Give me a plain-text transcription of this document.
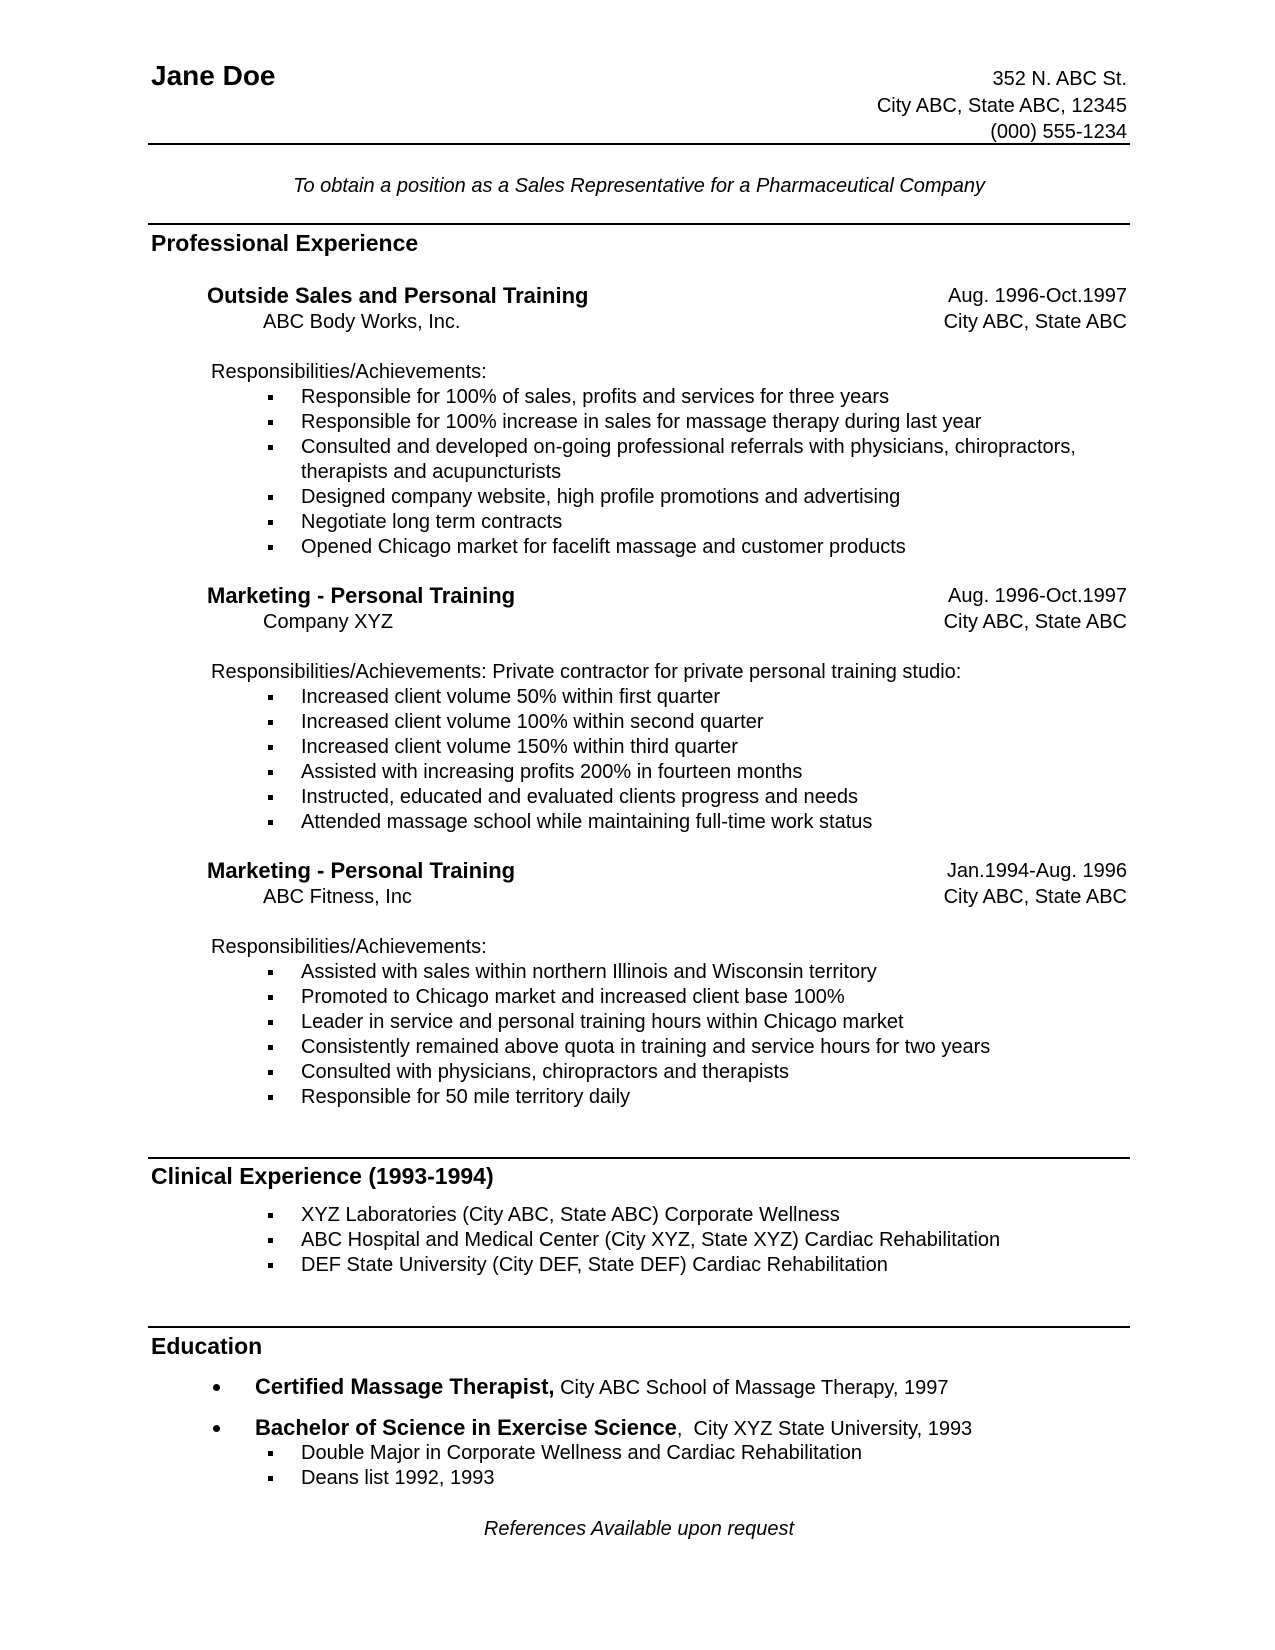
Jane Doe	352 N. ABC St.
City ABC, State ABC, 12345
(000) 555-1234
To obtain a position as a Sales Representative for a Pharmaceutical Company
Professional Experience
Outside Sales and Personal Training	Aug. 1996-Oct.1997
ABC Body Works, Inc.	City ABC, State ABC
Responsibilities/Achievements:
Responsible for 100% of sales, profits and services for three years
Responsible for 100% increase in sales for massage therapy during last year
Consulted and developed on-going professional referrals with physicians, chiropractors,
therapists and acupuncturists
Designed company website, high profile promotions and advertising
Negotiate long term contracts
Opened Chicago market for facelift massage and customer products
Marketing - Personal Training	Aug. 1996-Oct.1997
Company XYZ	City ABC, State ABC
Responsibilities/Achievements: Private contractor for private personal training studio:
Increased client volume 50% within first quarter
Increased client volume 100% within second quarter
Increased client volume 150% within third quarter
Assisted with increasing profits 200% in fourteen months
Instructed, educated and evaluated clients progress and needs
Attended massage school while maintaining full-time work status
Marketing - Personal Training	Jan.1994-Aug. 1996
ABC Fitness, Inc	City ABC, State ABC
Responsibilities/Achievements:
Assisted with sales within northern Illinois and Wisconsin territory
Promoted to Chicago market and increased client base 100%
Leader in service and personal training hours within Chicago market
Consistently remained above quota in training and service hours for two years
Consulted with physicians, chiropractors and therapists
Responsible for 50 mile territory daily
Clinical Experience (1993-1994)
XYZ Laboratories (City ABC, State ABC) Corporate Wellness
ABC Hospital and Medical Center (City XYZ, State XYZ) Cardiac Rehabilitation
DEF State University (City DEF, State DEF) Cardiac Rehabilitation
Education
Certified Massage Therapist, City ABC School of Massage Therapy, 1997
Bachelor of Science in Exercise Science,  City XYZ State University, 1993
Double Major in Corporate Wellness and Cardiac Rehabilitation
Deans list 1992, 1993
References Available upon request
